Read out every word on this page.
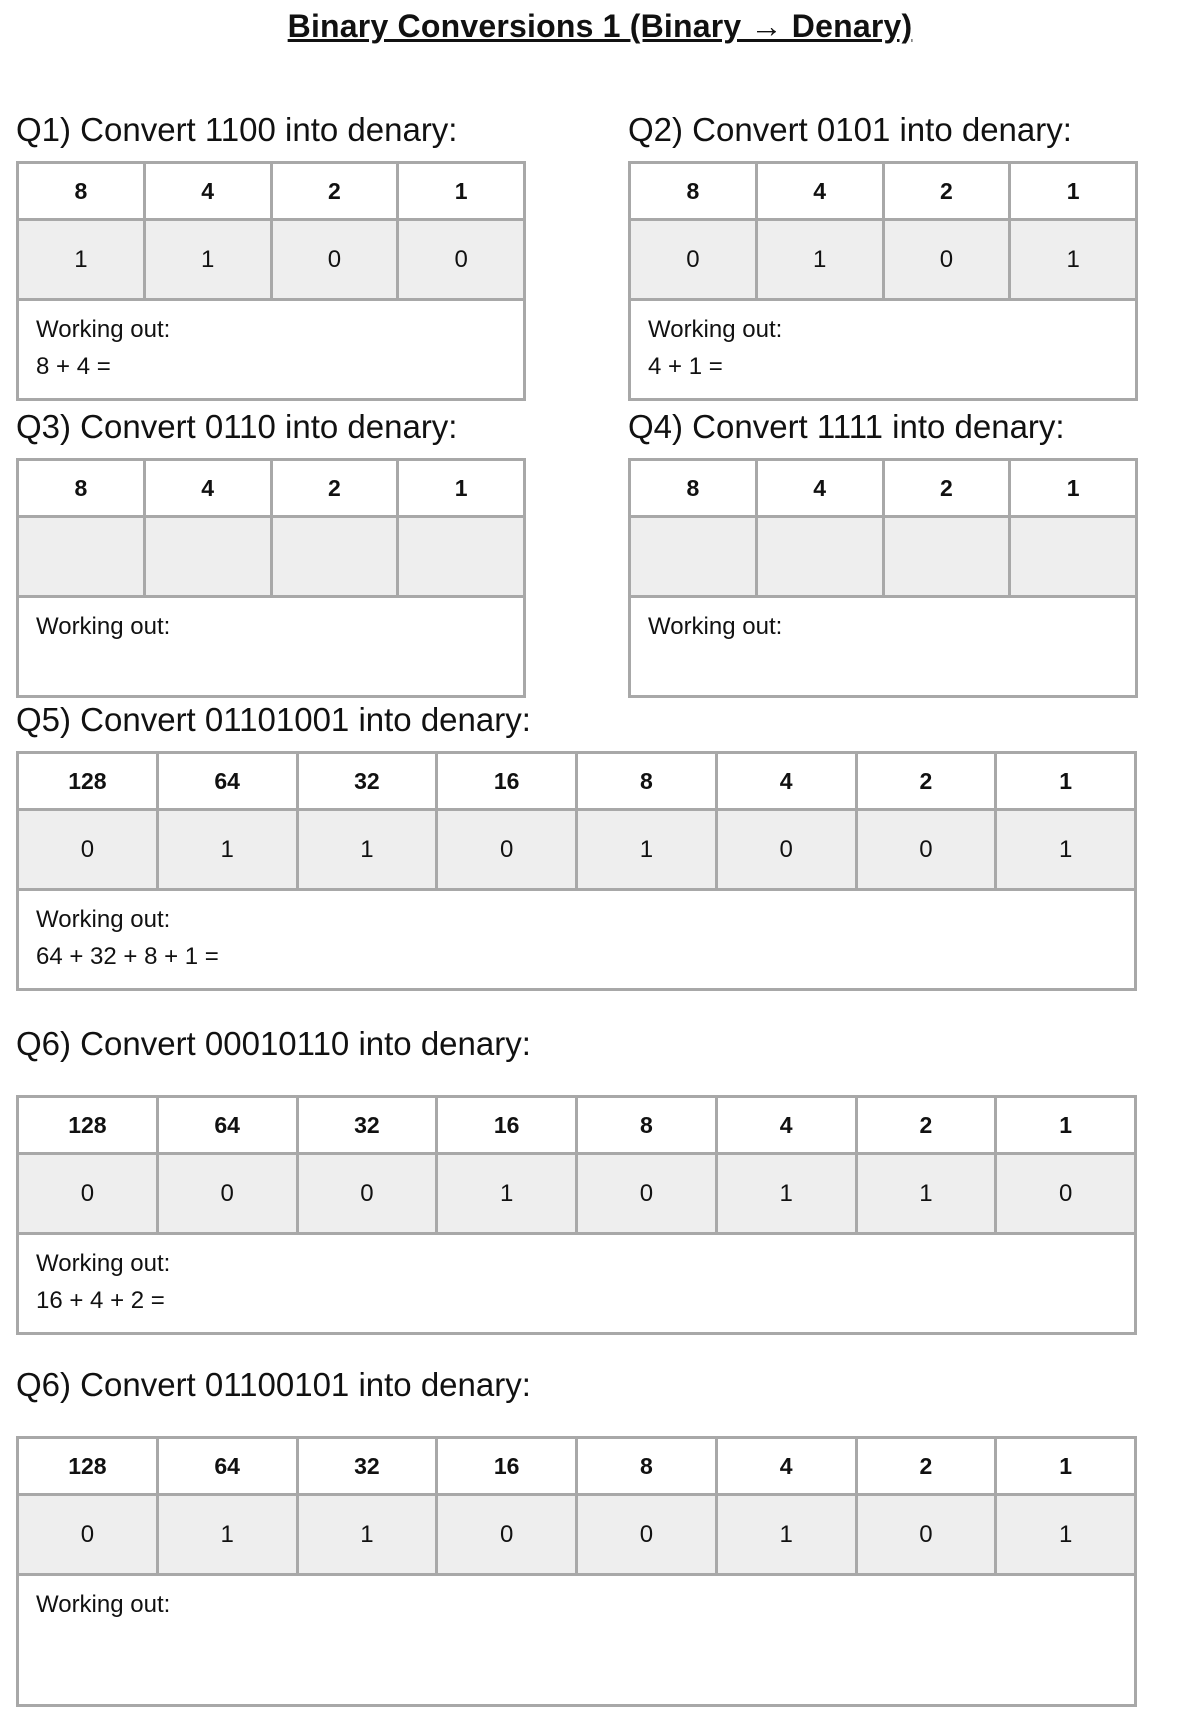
Binary Conversions 1 (Binary → Denary)
Q1) Convert 1100 into denary:
8	4	2	1
1	1	0	0
Working out:
8 + 4 =
Q2) Convert 0101 into denary:
8	4	2	1
0	1	0	1
Working out:
4 + 1 =
Q3) Convert 0110 into denary:
8	4	2	1
Working out:
Q4) Convert 1111 into denary:
8	4	2	1
Working out:
Q5) Convert 01101001 into denary:
128	64	32	16	8	4	2	1
0	1	1	0	1	0	0	1
Working out:
64 + 32 + 8 + 1 =
Q6) Convert 00010110 into denary:
128	64	32	16	8	4	2	1
0	0	0	1	0	1	1	0
Working out:
16 + 4 + 2 =
Q6) Convert 01100101 into denary:
128	64	32	16	8	4	2	1
0	1	1	0	0	1	0	1
Working out:
